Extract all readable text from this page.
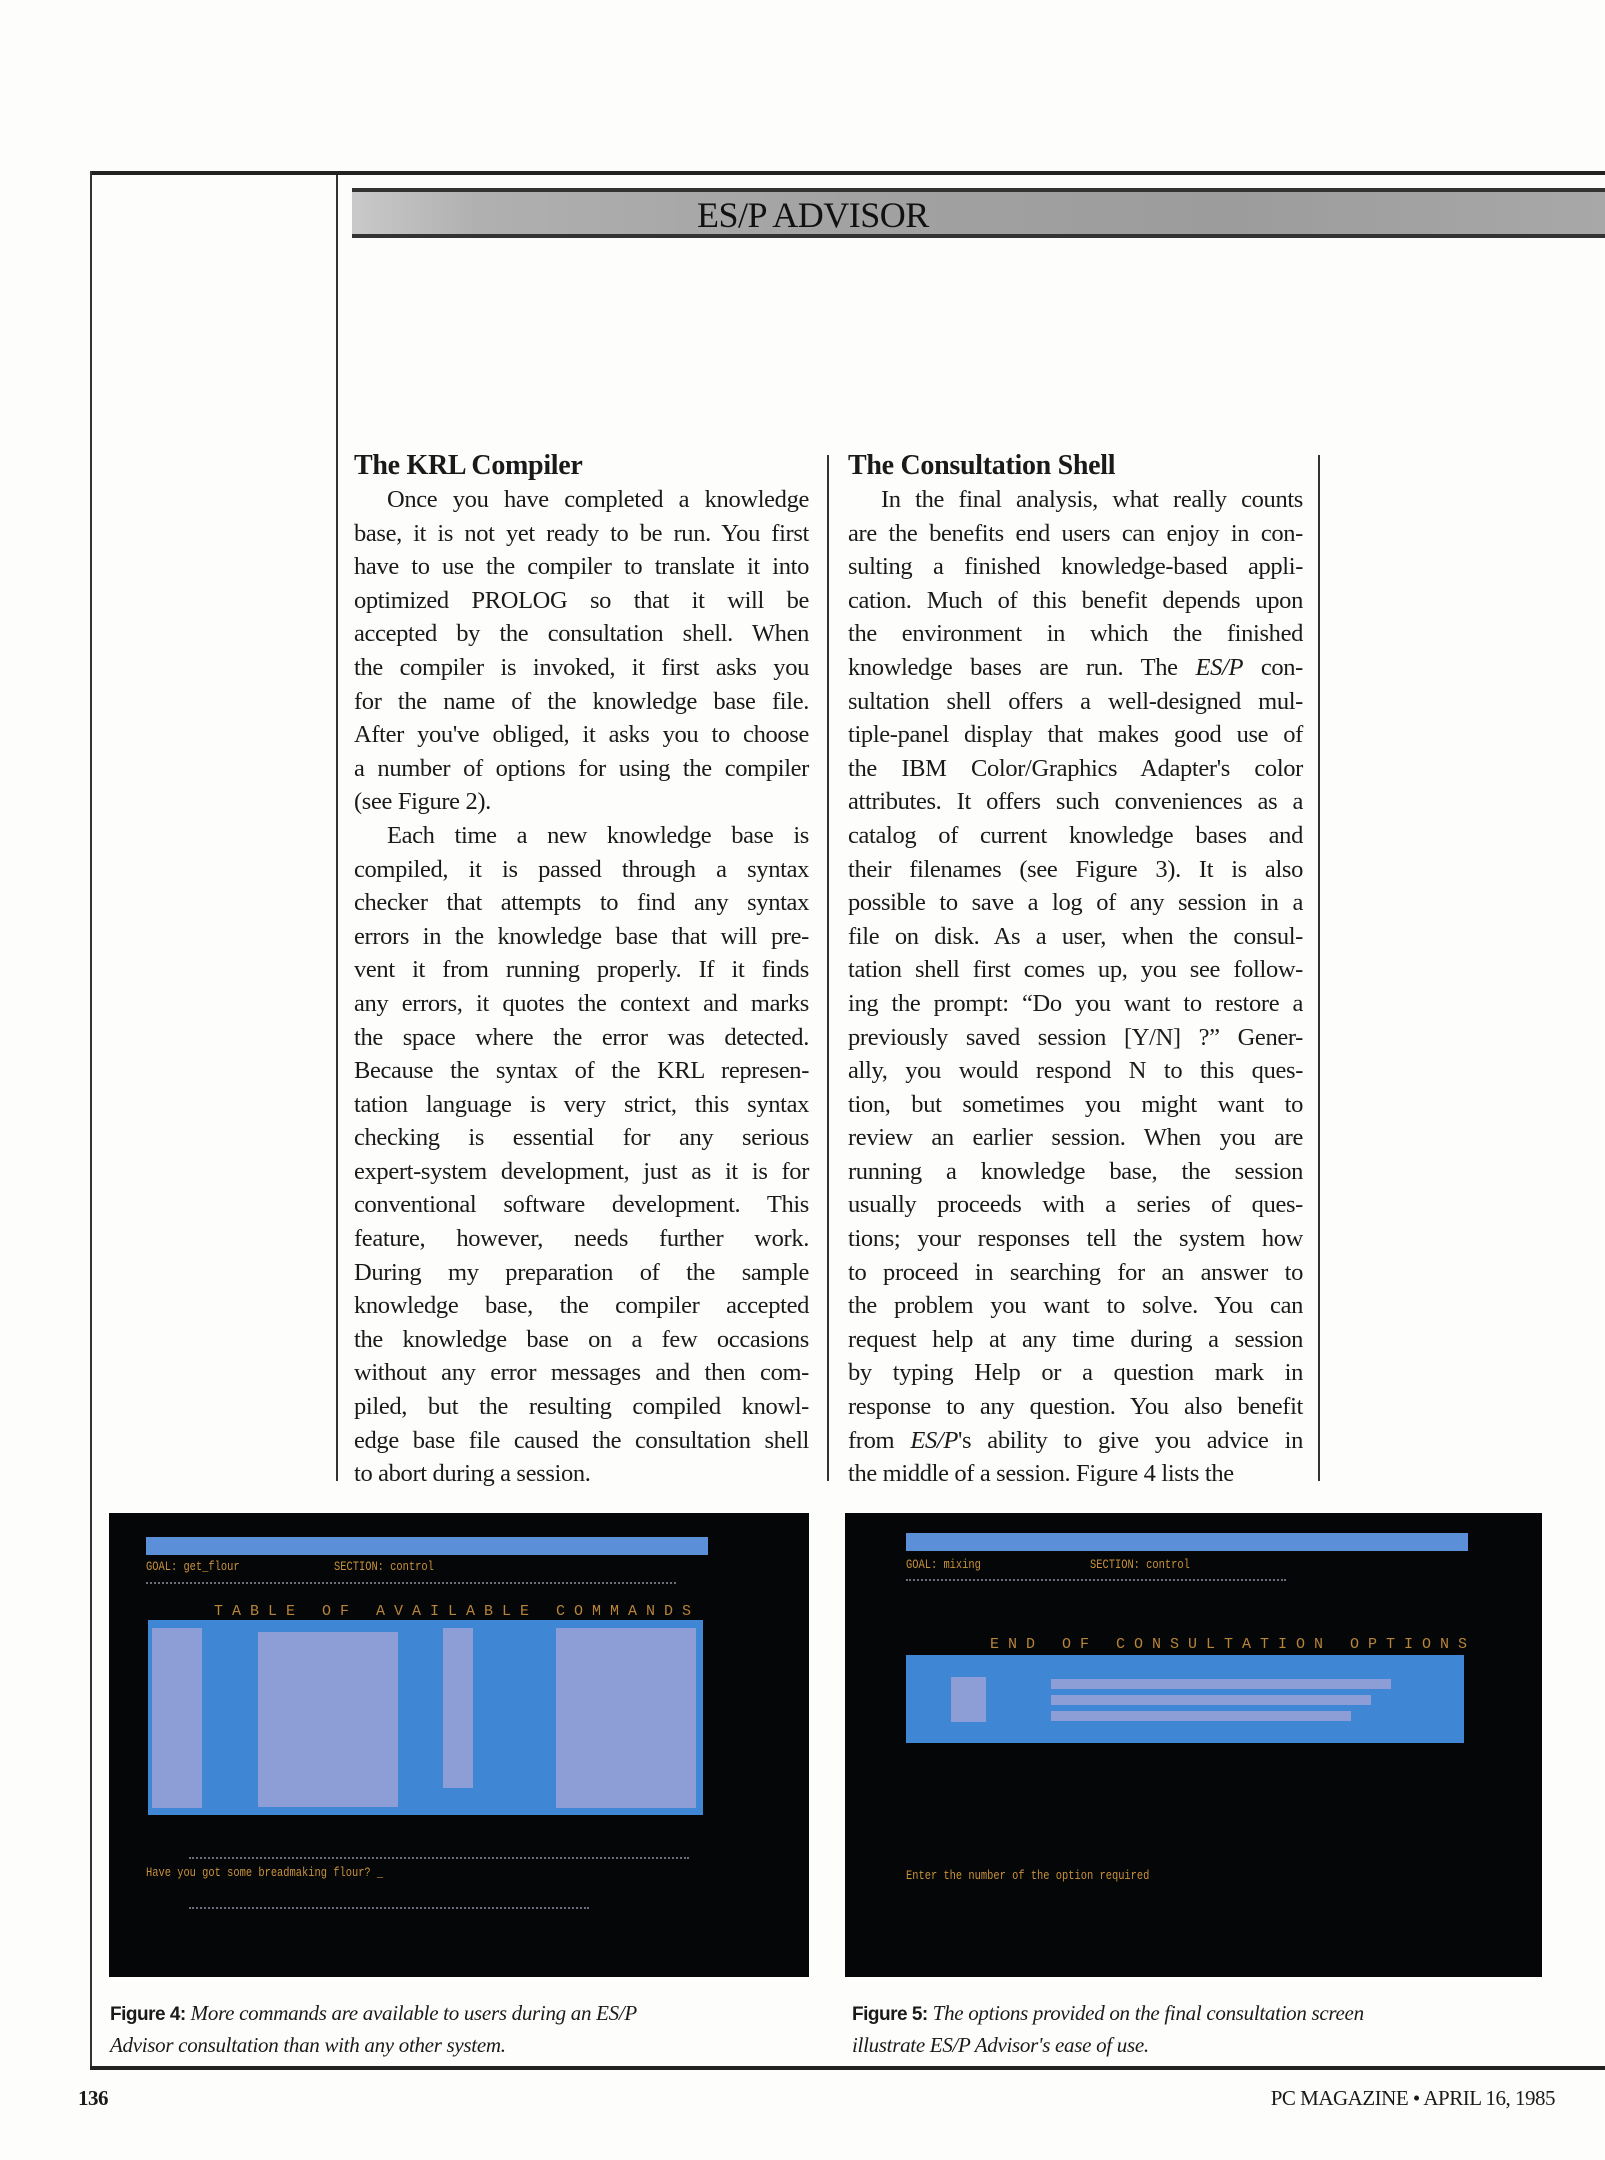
ES/P ADVISOR
The KRL Compiler
Once you have completed a knowledge
base, it is not yet ready to be run. You first
have to use the compiler to translate it into
optimized PROLOG so that it will be
accepted by the consultation shell. When
the compiler is invoked, it first asks you
for the name of the knowledge base file.
After you've obliged, it asks you to choose
a number of options for using the compiler
(see Figure 2).
Each time a new knowledge base is
compiled, it is passed through a syntax
checker that attempts to find any syntax
errors in the knowledge base that will pre-
vent it from running properly. If it finds
any errors, it quotes the context and marks
the space where the error was detected.
Because the syntax of the KRL represen-
tation language is very strict, this syntax
checking is essential for any serious
expert-system development, just as it is for
conventional software development. This
feature, however, needs further work.
During my preparation of the sample
knowledge base, the compiler accepted
the knowledge base on a few occasions
without any error messages and then com-
piled, but the resulting compiled knowl-
edge base file caused the consultation shell
to abort during a session.
The Consultation Shell
In the final analysis, what really counts
are the benefits end users can enjoy in con-
sulting a finished knowledge-based appli-
cation. Much of this benefit depends upon
the environment in which the finished
knowledge bases are run. The ES/P con-
sultation shell offers a well-designed mul-
tiple-panel display that makes good use of
the IBM Color/Graphics Adapter's color
attributes. It offers such conveniences as a
catalog of current knowledge bases and
their filenames (see Figure 3). It is also
possible to save a log of any session in a
file on disk. As a user, when the consul-
tation shell first comes up, you see follow-
ing the prompt: “Do you want to restore a
previously saved session [Y/N] ?” Gener-
ally, you would respond N to this ques-
tion, but sometimes you might want to
review an earlier session. When you are
running a knowledge base, the session
usually proceeds with a series of ques-
tions; your responses tell the system how
to proceed in searching for an answer to
the problem you want to solve. You can
request help at any time during a session
by typing Help or a question mark in
response to any question. You also benefit
from ES/P's ability to give you advice in
the middle of a session. Figure 4 lists the
GOAL: get_flour	SECTION: control
TABLE OF AVAILABLE COMMANDS
Have you got some breadmaking flour? _
GOAL: mixing	SECTION: control
END OF CONSULTATION OPTIONS
Enter the number of the option required
Figure 4: More commands are available to users during an ES/P
Advisor consultation than with any other system.
Figure 5: The options provided on the final consultation screen
illustrate ES/P Advisor's ease of use.
136	PC MAGAZINE • APRIL 16, 1985
